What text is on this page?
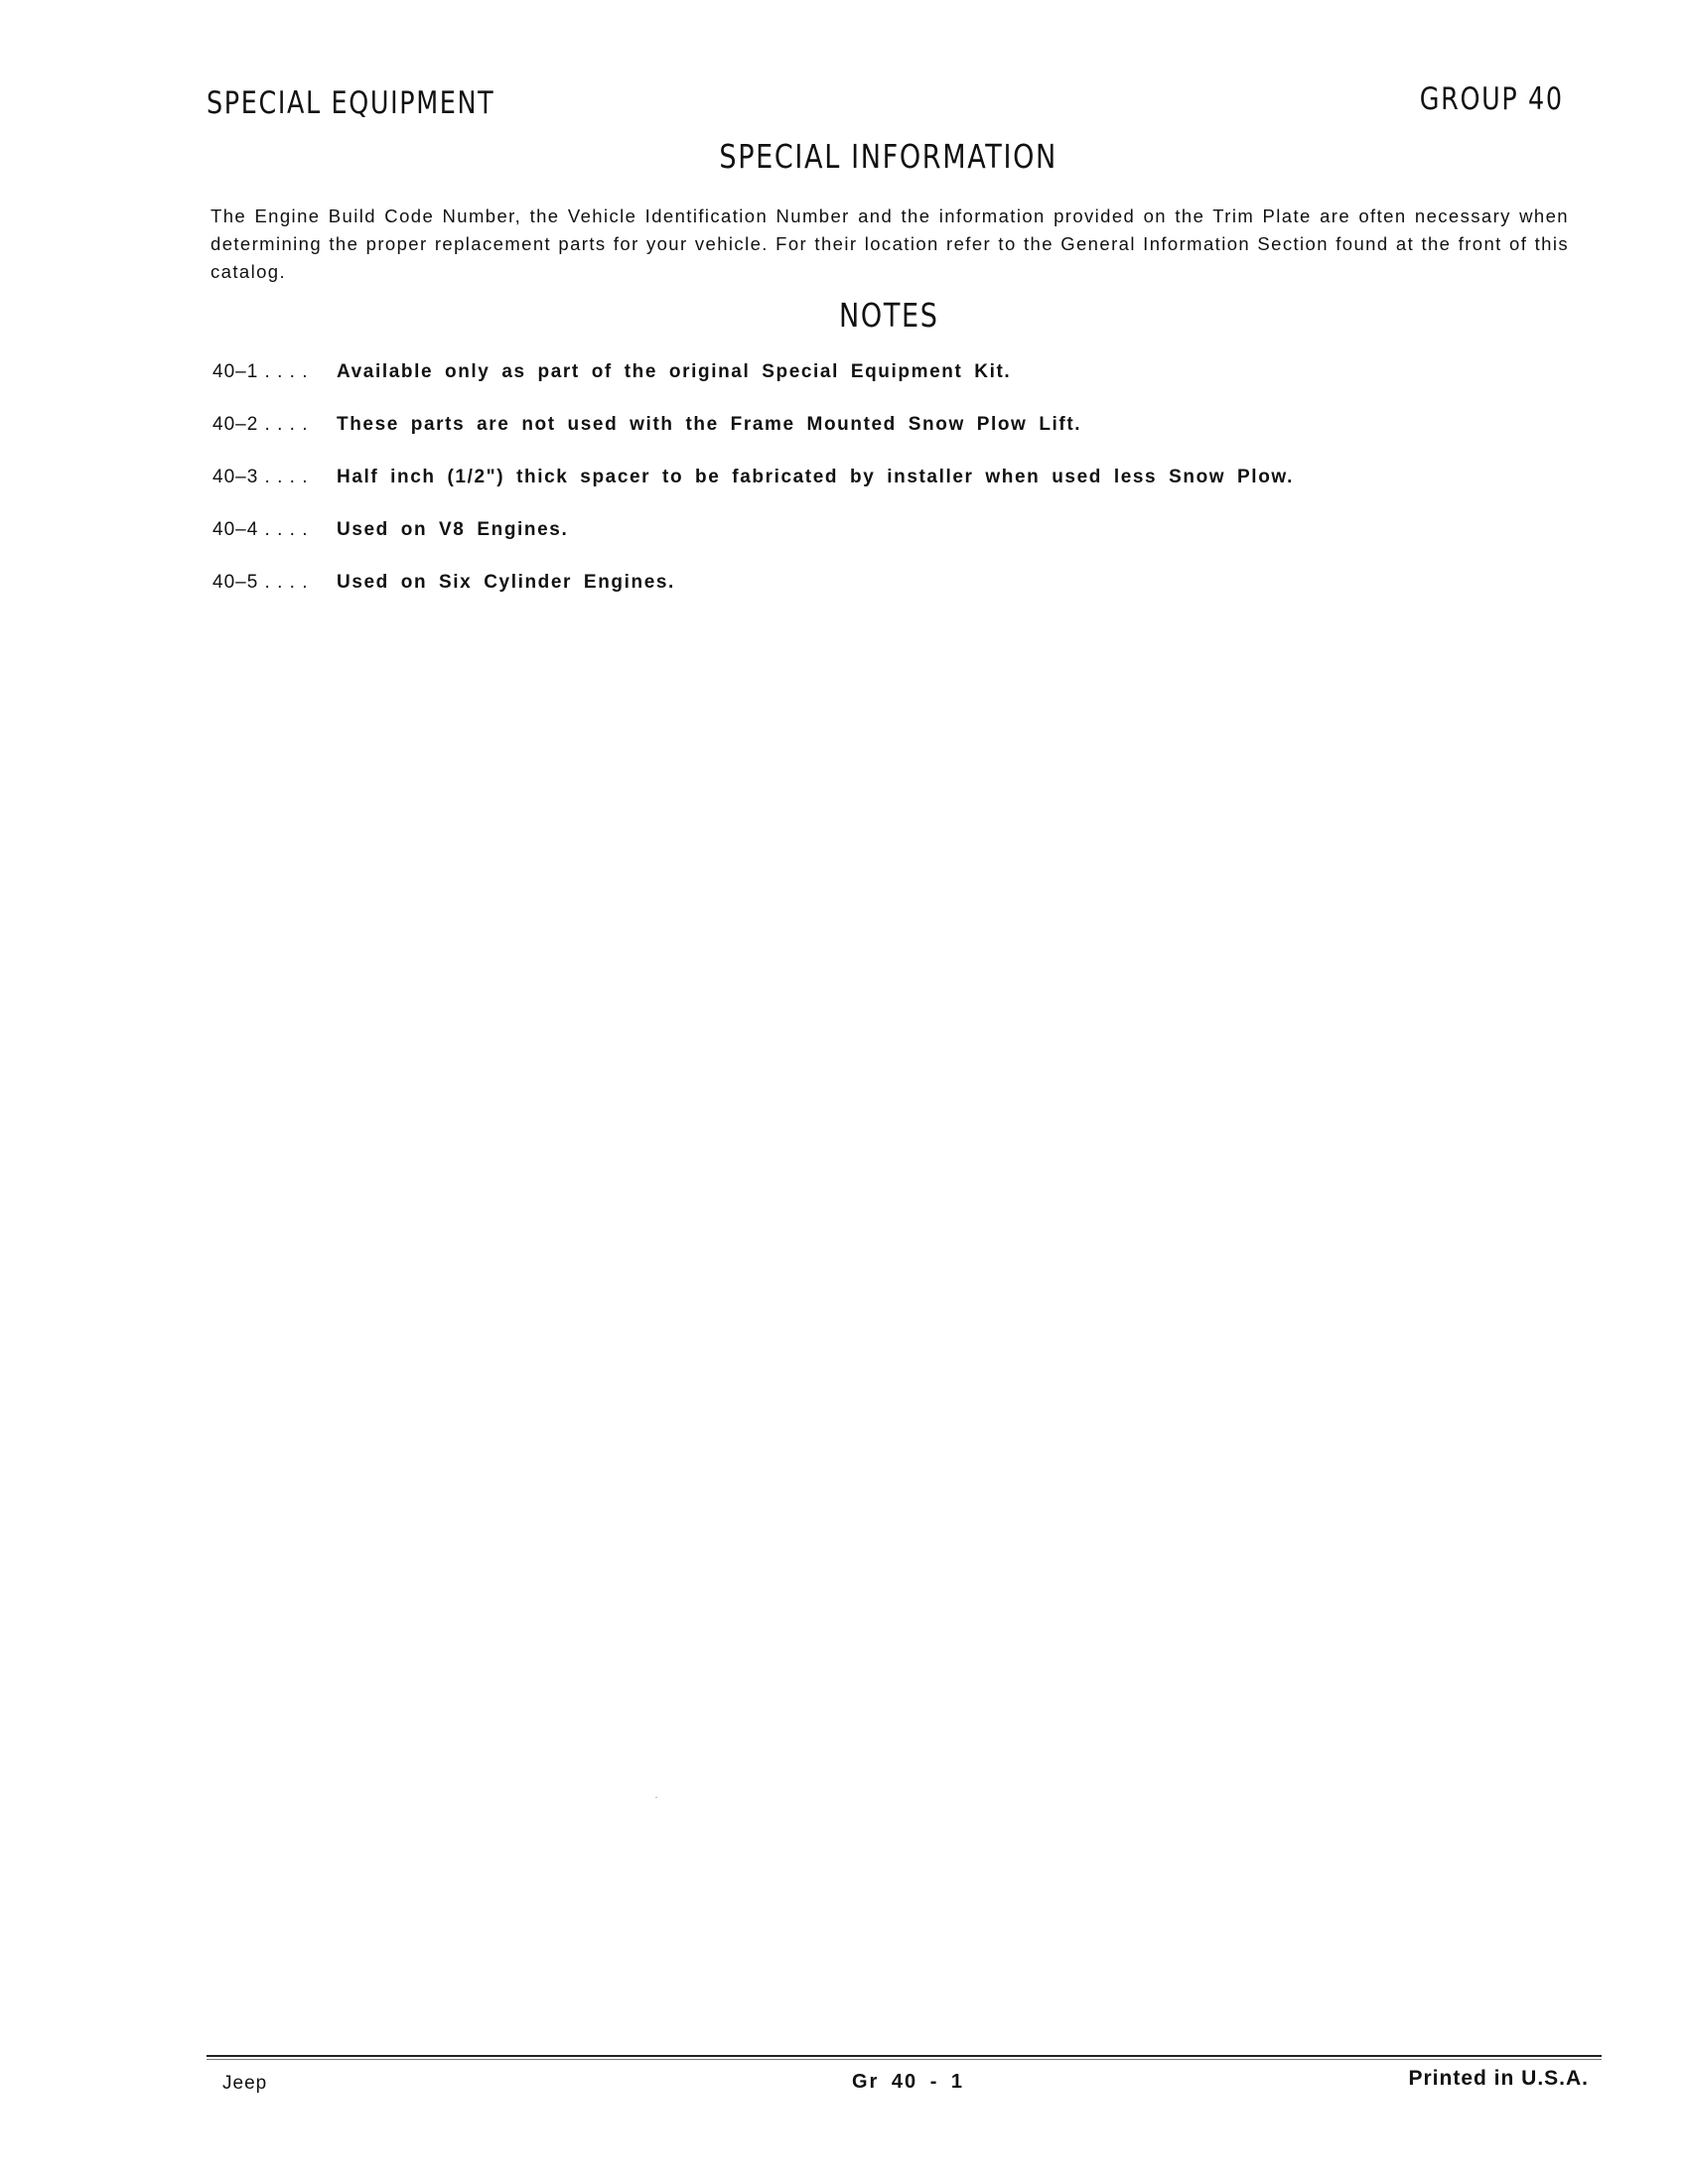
SPECIAL EQUIPMENT	GROUP 40
SPECIAL INFORMATION

The Engine Build Code Number, the Vehicle Identification Number and the information provided on the Trim Plate are often necessary when determining the proper replacement parts for your vehicle. For their location refer to the General Information Section found at the front of this catalog.

NOTES
40–1 . . . .	Available only as part of the original Special Equipment Kit.
40–2 . . . .	These parts are not used with the Frame Mounted Snow Plow Lift.
40–3 . . . .	Half inch (1/2") thick spacer to be fabricated by installer when used less Snow Plow.
40–4 . . . .	Used on V8 Engines.
40–5 . . . .	Used on Six Cylinder Engines.
Jeep	Gr 40 - 1	Printed in U.S.A.
